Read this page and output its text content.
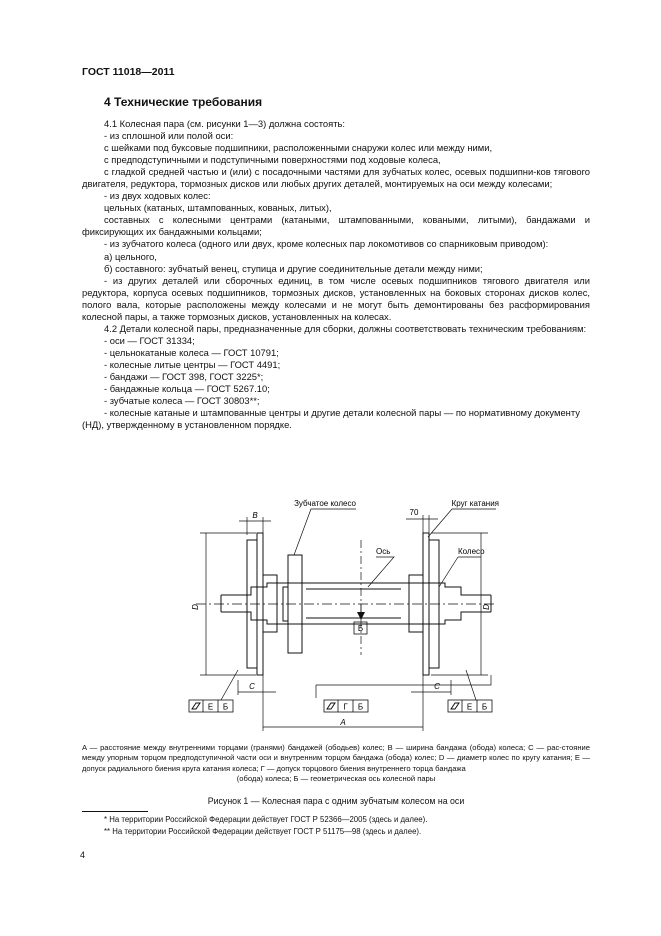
ГОСТ 11018—2011
4 Технические требования

4.1 Колесная пара (см. рисунки 1—3) должна состоять:

- из сплошной или полой оси:

с шейками под буксовые подшипники, расположенными снаружи колес или между ними,

с предподступичными и подступичными поверхностями под ходовые колеса,

с гладкой средней частью и (или) с посадочными частями для зубчатых колес, осевых подшипни-ков тягового двигателя, редуктора, тормозных дисков или любых других деталей, монтируемых на оси между колесами;

- из двух ходовых колес:

цельных (катаных, штампованных, кованых, литых),

составных с колесными центрами (катаными, штампованными, коваными, литыми), бандажами и фиксирующих их бандажными кольцами;

- из зубчатого колеса (одного или двух, кроме колесных пар локомотивов со спарниковым приводом):

а) цельного,

б) составного: зубчатый венец, ступица и другие соединительные детали между ними;

- из других деталей или сборочных единиц, в том числе осевых подшипников тягового двигателя или редуктора, корпуса осевых подшипников, тормозных дисков, установленных на боковых сторонах дисков колес, полого вала, которые расположены между колесами и не могут быть демонтированы без расформирования колесной пары, а также тормозных дисков, установленных на колесах.

4.2 Детали колесной пары, предназначенные для сборки, должны соответствовать техническим требованиям:

- оси — ГОСТ 31334;

- цельнокатаные колеса — ГОСТ 10791;

- колесные литые центры — ГОСТ 4491;

- бандажи — ГОСТ 398, ГОСТ 3225*;

- бандажные кольца — ГОСТ 5267.10;

- зубчатые колеса — ГОСТ 30803**;

- колесные катаные и штампованные центры и другие детали колесной пары — по нормативному документу (НД), утвержденному в установленном порядке.

Зубчатое колесо	Круг катания
Ось	Колесо
B	70
D	D
C	C
A
Б
Е Б	Г Б	Е Б
A — расстояние между внутренними торцами (гранями) бандажей (ободьев) колес; B — ширина бандажа (обода) колеса; C — рас-стояние между упорным торцом предподступичной части оси и внутренним торцом бандажа (обода) колес; D — диаметр колес по кругу катания; E — допуск радиального биения круга катания колеса; Г — допуск торцового биения внутреннего торца бандажа
(обода) колеса; Б — геометрическая ось колесной пары
Рисунок 1 — Колесная пара с одним зубчатым колесом на оси
* На территории Российской Федерации действует ГОСТ Р 52366—2005 (здесь и далее).
** На территории Российской Федерации действует ГОСТ Р 51175—98 (здесь и далее).
4
